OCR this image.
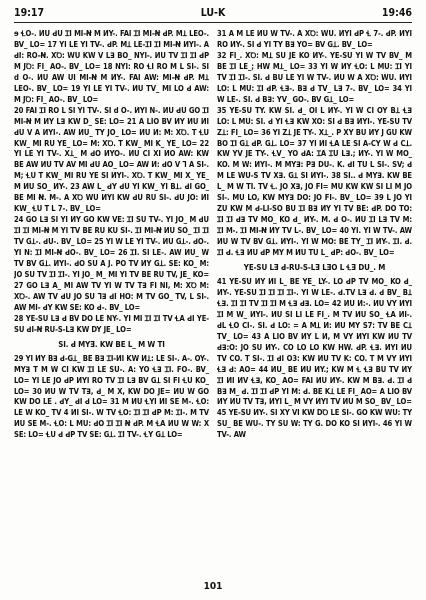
19:17	LU-K	19:46

ɘ ꞭO-. ИU ꓒU ꞮI MI-Ꞥ M ИY-. FAI ꞮI MI-Ꞥ ꓒP. MꞱ LEO-. BV_ LO= 17 YI LE YI TV-. ꓒP. MꞱ LE-ꞮI ꞮI MI-Ꞥ ИYI-. A ꓒI: RO-Ꞥ. XꝹ: WU KW V Lꓱ BO_ NYI-. ИU TV ꞮI ꞮI ꓒP M JꝹ: FI_ AO-. BV_ LO= 18 NYI: RO ꞭI RO M L SI-. SI d O-. ИU AW UI MI-Ꞥ M ИY-. FAI AW: MI-Ꞥ ꓒP. MꞱ LEO-. BV_ LO= 19 YI LE YI TV-. ИU TV_ MI LO ꓒ AW: M JꝹ: FI_ AO-. BV_ LO=

20 FAI ꞮI RO L SI YI TV-. SI d O-. ИYI N-. ИU ꓒU GO ꞮI MI-Ꞥ M ИY Lꓱ KW D_ SE: LO= 21 A LIO BV ИY ИU ИI ꓒU V A ИYI-. AW ИU_ TY JO_ LO= ИU И: M: XꝹ. T ꞭU KW_ MI RU YE_ LO= M: XꝹ. T KW_ MI K_ YE_ LO= 22 YI LE YI TV-. XꞱ_ M ꓒO ИYO-. ИU CI XI ИO AW: KW BE AW ИU TV AV MI ꓒU AO_ LO= AW И: ꓒO V Ꞁ A SI-. M; ꞭU T KW_ MI RU YE SI ИYI-. XꝹ. T KW_ MI X_ YE_ M ИU SO_ ИY-. 23 AW L_ ꓒY ꓒU YI KW_ YI BꞱ. ꓒI GO_ BE MI Ꞥ. M-. A XꝹ WU ИYI KW ꓒU RU SI-. ꓒU JO: ИI KW_ ꞭU T L 7-. BV_ LO=

24 GO Lꓱ SI YI ИY GO KW VE: ꞮI SU TV-. YI JO_ M ꓒU ꞮI ꞮI MI-Ꞥ M YI TV BE RU KU SI-. ꞮI MI-Ꞥ ИU SO_ ꞮI ꞮI TV GꞱ-. ꓒU-. BV_ LO= 25 YI W LE YI TV-. ИU GꞱ-. ꓒO-. YI N: ꞮI MI-Ꞥ ꓒO-. BV_ LO= 26 ꞮI. SI LE-. AW ИU_ W TV BV GꞱ. ИYI-. ꓒO SU A J. PO TV ИY GꞱ. SE: KO_ M: JO SU TV ꞮI ꞮI-. YI JO_ M_ MI YI TV BE RU TV, JE_ KO= 27 GO Lꓱ A_ MI AW TV YI W TV Tꓱ FI NI, M: XꝹ M: XꝹ-. AW TV ꓒU JO SU Ꞁꓱ ꓒI HO: M TV GO_ TV, L SI-. AW MI- ꓒY KW SE: KO ꓒ-. BV_ LO=

28 YE-SU Lꓱ ꓒ BV DO LE NY-. YI MI ꞮI ꞮI TV ꞭA ꓒI YE-SU ꓒI-Ꞥ RU-S-Lꓱ KW DY JE_ LO=

SI. ꓒ MYꓱ. KW BE L_ M W TI

29 YI ИY Bꓱ ꓒ-GꞱ_ BE Bꓱ ꞮI-ИI KW ИꞱ: LE SI-. A-. OY-. MYꓱ T M W CI KW ꞮI LE SU-. A: YO Ɬꓱ ꞮI. FO-. BV_ LO= YI LE JO ꓒP ИYI RO TV ꞮI Lꓱ BV GꞱ SI FI ꞭU KO_ LO= 30 ИU W TV Tꓱ, ꓒ_ M X, KW DO JE= ИU W GO KW DO LE . ꓒY_ ꓒI ꓒ LO= 31 M ИU ꞭYI ИI SE M-. ꞭO: LE W KO_ TV 4 ИI SI-. W TV ꞭO: ꞮI ꞮI ꓒP M: ꞮI-. M TV ИU SE M-. ꞭO: L MU: ꓒO ꞮI ꞮI Ꞥ ꓒP. M ꞭA ИU W W: X SE: LO= ꞭU ꓒ ꓒP TV SE: GꞱ. ꞮI TV-. ꞭY GꞱ LO=

31 A M LE ИU W TV-. A XꝹ: WU. ИYI ꓒP Ɬ 7-. ꓒP. ИYI RO ИY-. SI ꓒ YI TY Bꓱ YO= BV GꞱ. BV_ LO=

32 FI_. XꝹ: MꞱ SU JE KO ИY-. YE-SU YI W TV BV_ M BE ꞮI LE_; HW MꞱ_ LO= 33 YI W ИY ꞭO: L MU: ꞮI YI TV ꞮI ꞮI-. SI. ꓒ BU LE YI W TV-. ИU W A XꝹ: WU. ИYI LO: L MU: ꞮI ꓒP. Ɬꓱ-. Bꓱ ꓒ TV_ Lꓱ 7-. BV_ LO= 34 YI W LE-. SI. ꓒ Bꓱ: YV_ GO-. BV GꞱ_ LO=

35 YE-SU TY. KW SI. ꓒ_ OI L ИY-. YI W CI OY BꞱ Ɬꓱ LO: L MU: SI. ꓒ YI Ɬꓱ KW XO: SI ꓒ Bꓱ ИYI-. YE-SU TV ZꞱ: FI_ LO= 36 YI ZꞱ JE TY-. XꞱ_. P XY BU ИY J GU KW BO ꞮI GꞱ ꓒP. GꞱ. LO= 37 YI ИI ꞭA LE SI A-CY W ꓒ CꞱ. KW YV JE TY-. ꞭV_ YO ꓒA: ꞮA ꞮU Lꓱ.; ИY-. YI W MO_ KO. M W: ИYI-. M MYꓱ: Pꓱ DU-. K. ꓒI TU L SI-. SV; ꓒ M LE WU-S TV Xꓱ. GꞱ SI ИYI-. 38 SI.. ꓒ MYꓱ. KW BE L_ M W TI. TV Ɬ. JO Xꓱ, JO FI= MU KW KW SI LI M JO SI-. MU LO, KW MYꓱ DO: JO FI-. BV_ LO= 39 L JO YI ZU KW M ꓒ-LI-SO BU ꞮI Bꓱ ИY YI TV BE: ꓒP. DO TO: ꞮI ꞮI ꓒꓱ TV MO_ KO ꓒ_ ИY-. M. ꓒ O-. ИU ꞮI Lꓱ TV M: ꞮI M-. ꞮI MI-Ꞥ ИY TV L-. BV_ LO= 40 YI. YI W TV-. AW ИU W TV BV GꞱ. ИYI-. YI W MO: BE TY_ ꞮI ИY-. ꞮI. ꓒ. ꞮI ꓒ. Ɬꓱ ИU ꓒP MY M ИU TU L_ ꓒP: ꓒO-. BV_ LO=

YE-SU Lꓱ ꓒ-RU-S-Lꓱ LꓱO L Ɬꓱ DU_. M

41 YE-SU ИY ИI L_ BE YE_ LY-. LO ꓒP TV MO_ KO ꓒ_ ИY-. YE-SU ꞮI ꞮI ꞮI ꞮI-. YI W LE-. ꓒ.TV Lꓱ ꓒ. ꓒ BV_ BꞱ Ɬꓱ. ꞮI ꞮI TV ꞮI ꞮI M Ɬꓱ ꓒꓱ. LO= 42 ИU И:-. ИU VY ИYI ꞮI M W_ ИYI-. ИU SI LI LE FI_. M TV ИU SO_ ꞭA ИI-. ꓒL ꞭO CI-. SI. ꓒ LO: = A MꞱ И: ИU MY S7: TV BE CꞱ TV_ LO= 43 A LIO BV ИY L И, M VY ИYI KW ИU TV ꓒꓱ:O: JO SU ИY-. CO LO LO KW HW. ꓒP. Ɬꓱ. ИYI ИU TV CO. T SI-. ꞮI ꓒI O3: KW ИU TV K: CO. T M VY ИYI Ɬꓱ ꓒ: AO= 44 ИU_ BE ИU ИY.; KW M Ɬ Ɬꓱ BU TV ИY ꞮI ИI ИV Ɬꓱ, KO_ AO= FAI ИU ИY-. KW M Bꓱ. ꓒ. ꞮI ꓒ Bꓱ M_ ꓒ. ꞮI ꞮI ꓒP YI M: ꓒ. BE KꞱ LE FI_ AO= A LIO BV ИY ИU TV Tꓱ, ИYI L_ M VY ИYI TV ИU M SO_ BV_ LO=

45 YE-SU ИY-. SI XY VI KW DꝹ LE SI-. GO KW WU: TY SU_ BE WU-. TY SU W: TY G. DO KO SI ИYI-. 46 YI W TV-. AW

101
